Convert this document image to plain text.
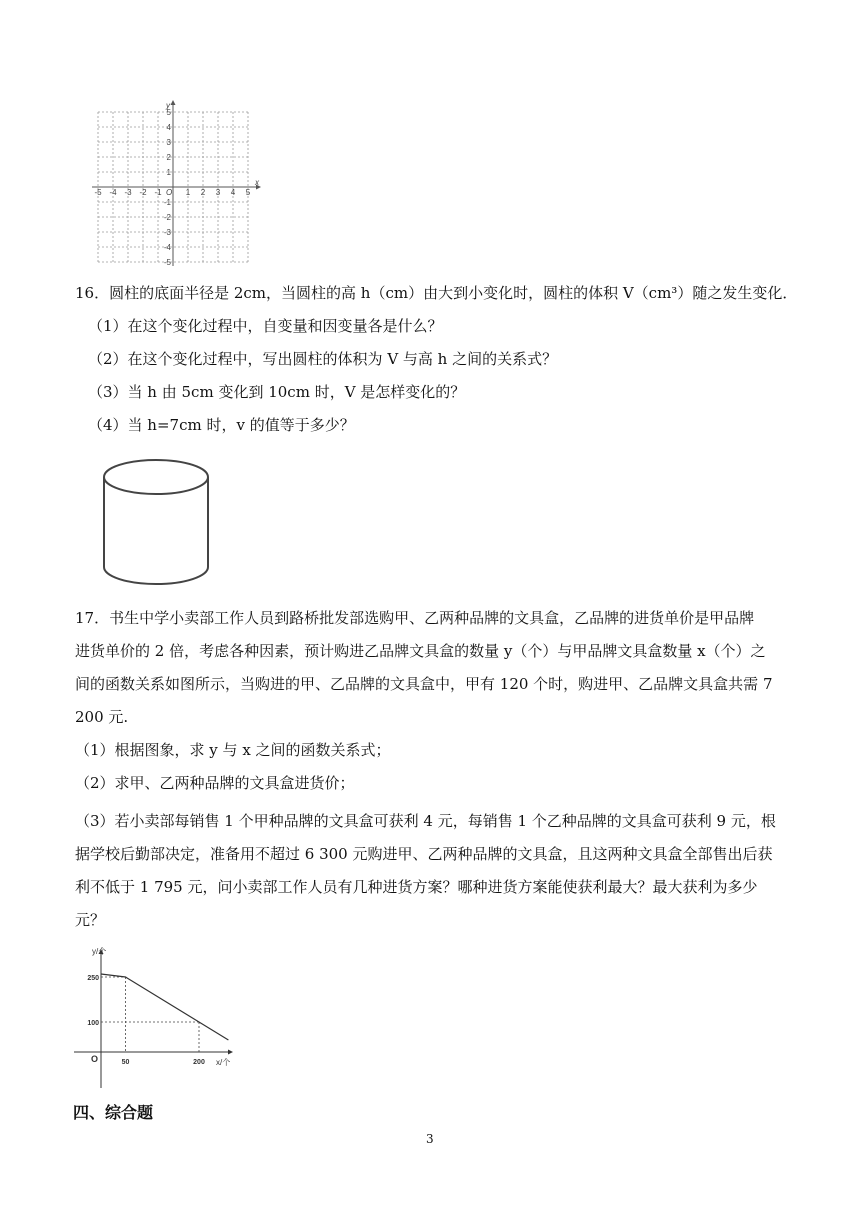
x
y
O
-5 -4 -3 -2 -1	1 2 3 4 5
5
4
3
2
1
-1
-2
-3
-4
-5
16．圆柱的底面半径是 2cm，当圆柱的高 h（cm）由大到小变化时，圆柱的体积 V（cm³）随之发生变化．
（1）在这个变化过程中，自变量和因变量各是什么？
（2）在这个变化过程中，写出圆柱的体积为 V 与高 h 之间的关系式？
（3）当 h 由 5cm 变化到 10cm 时，V 是怎样变化的？
（4）当 h=7cm 时，v 的值等于多少？
17．书生中学小卖部工作人员到路桥批发部选购甲、乙两种品牌的文具盒，乙品牌的进货单价是甲品牌
进货单价的 2 倍，考虑各种因素，预计购进乙品牌文具盒的数量 y（个）与甲品牌文具盒数量 x（个）之
间的函数关系如图所示，当购进的甲、乙品牌的文具盒中，甲有 120 个时，购进甲、乙品牌文具盒共需 7
200 元.
（1）根据图象，求 y 与 x 之间的函数关系式；
（2）求甲、乙两种品牌的文具盒进货价；
（3）若小卖部每销售 1 个甲种品牌的文具盒可获利 4 元，每销售 1 个乙种品牌的文具盒可获利 9 元，根
据学校后勤部决定，准备用不超过 6 300 元购进甲、乙两种品牌的文具盒，且这两种文具盒全部售出后获
利不低于 1 795 元，问小卖部工作人员有几种进货方案？哪种进货方案能使获利最大？最大获利为多少
元？
y/个
x/个
O	50	200
250
100
四、综合题
3
